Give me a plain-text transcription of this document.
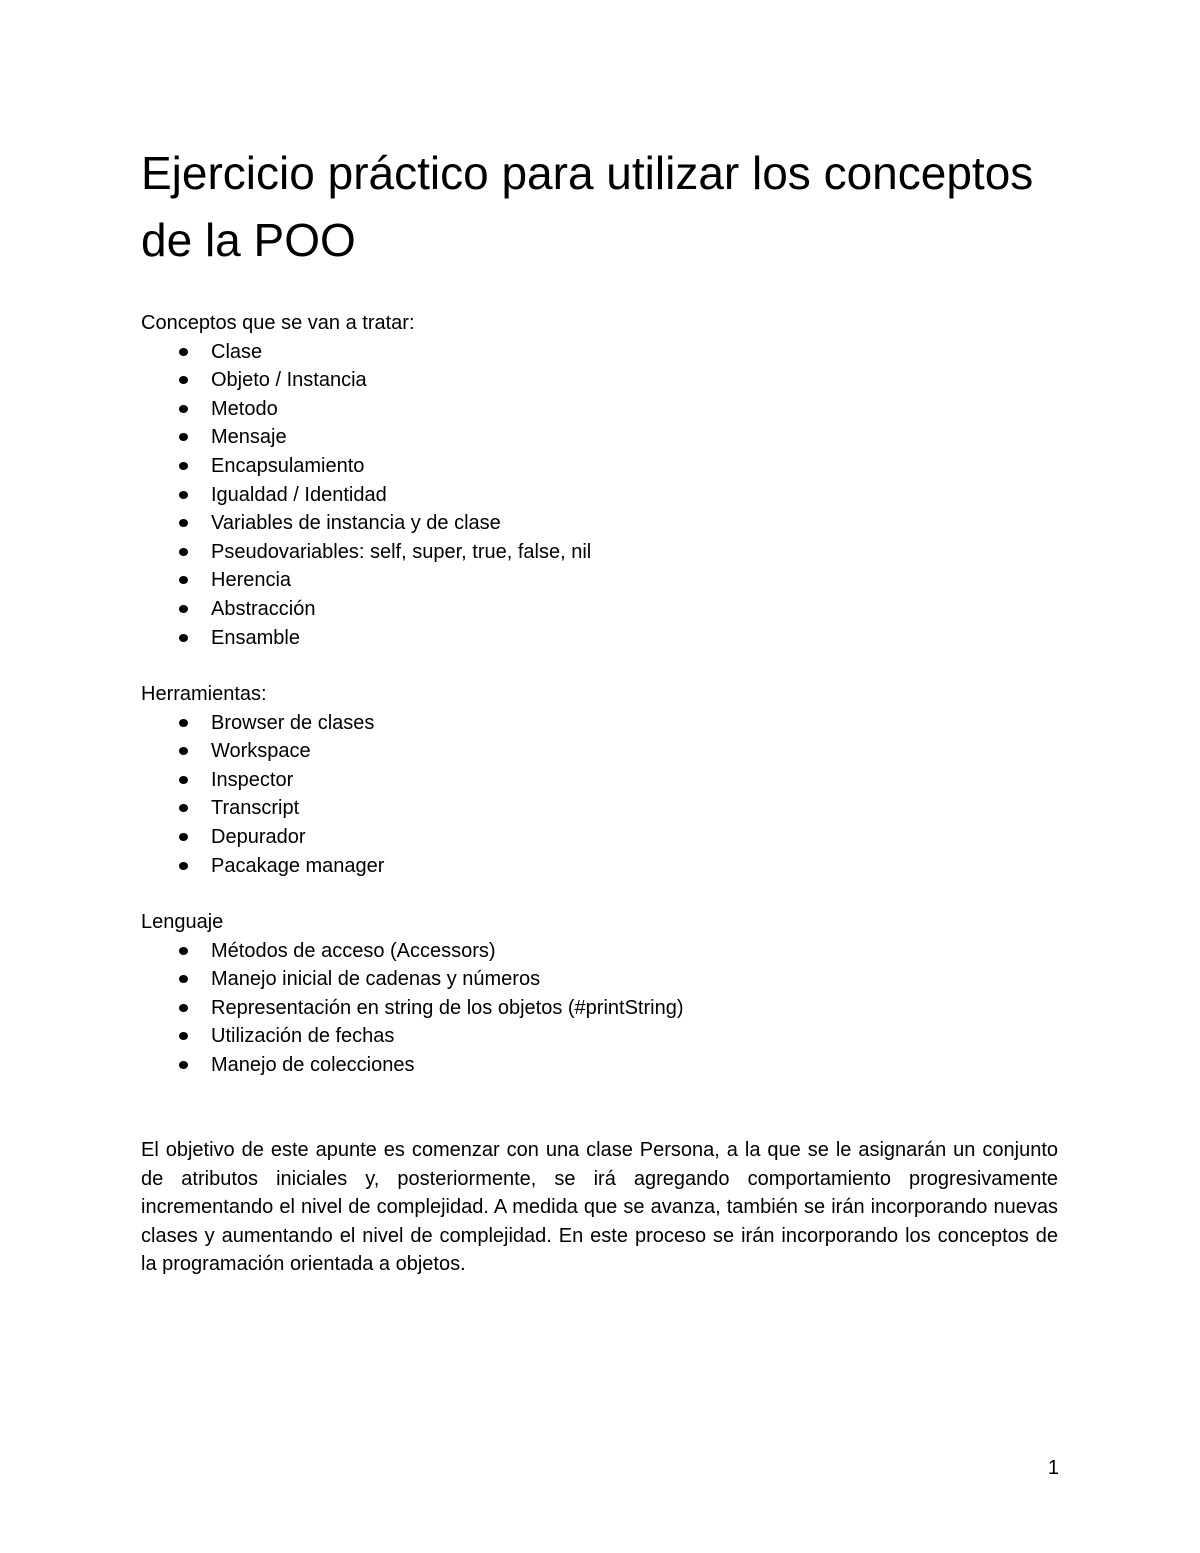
Ejercicio práctico para utilizar los conceptos de la POO

Conceptos que se van a tratar:

Clase
Objeto / Instancia
Metodo
Mensaje
Encapsulamiento
Igualdad / Identidad
Variables de instancia y de clase
Pseudovariables: self, super, true, false, nil
Herencia
Abstracción
Ensamble

Herramientas:

Browser de clases
Workspace
Inspector
Transcript
Depurador
Pacakage manager

Lenguaje

Métodos de acceso (Accessors)
Manejo inicial de cadenas y números
Representación en string de los objetos (#printString)
Utilización de fechas
Manejo de colecciones

El objetivo de este apunte es comenzar con una clase Persona, a la que se le asignarán un conjunto de atributos iniciales y, posteriormente, se irá agregando comportamiento progresivamente incrementando el nivel de complejidad. A medida que se avanza, también se irán incorporando nuevas clases y aumentando el nivel de complejidad. En este proceso se irán incorporando los conceptos de la programación orientada a objetos.

1
